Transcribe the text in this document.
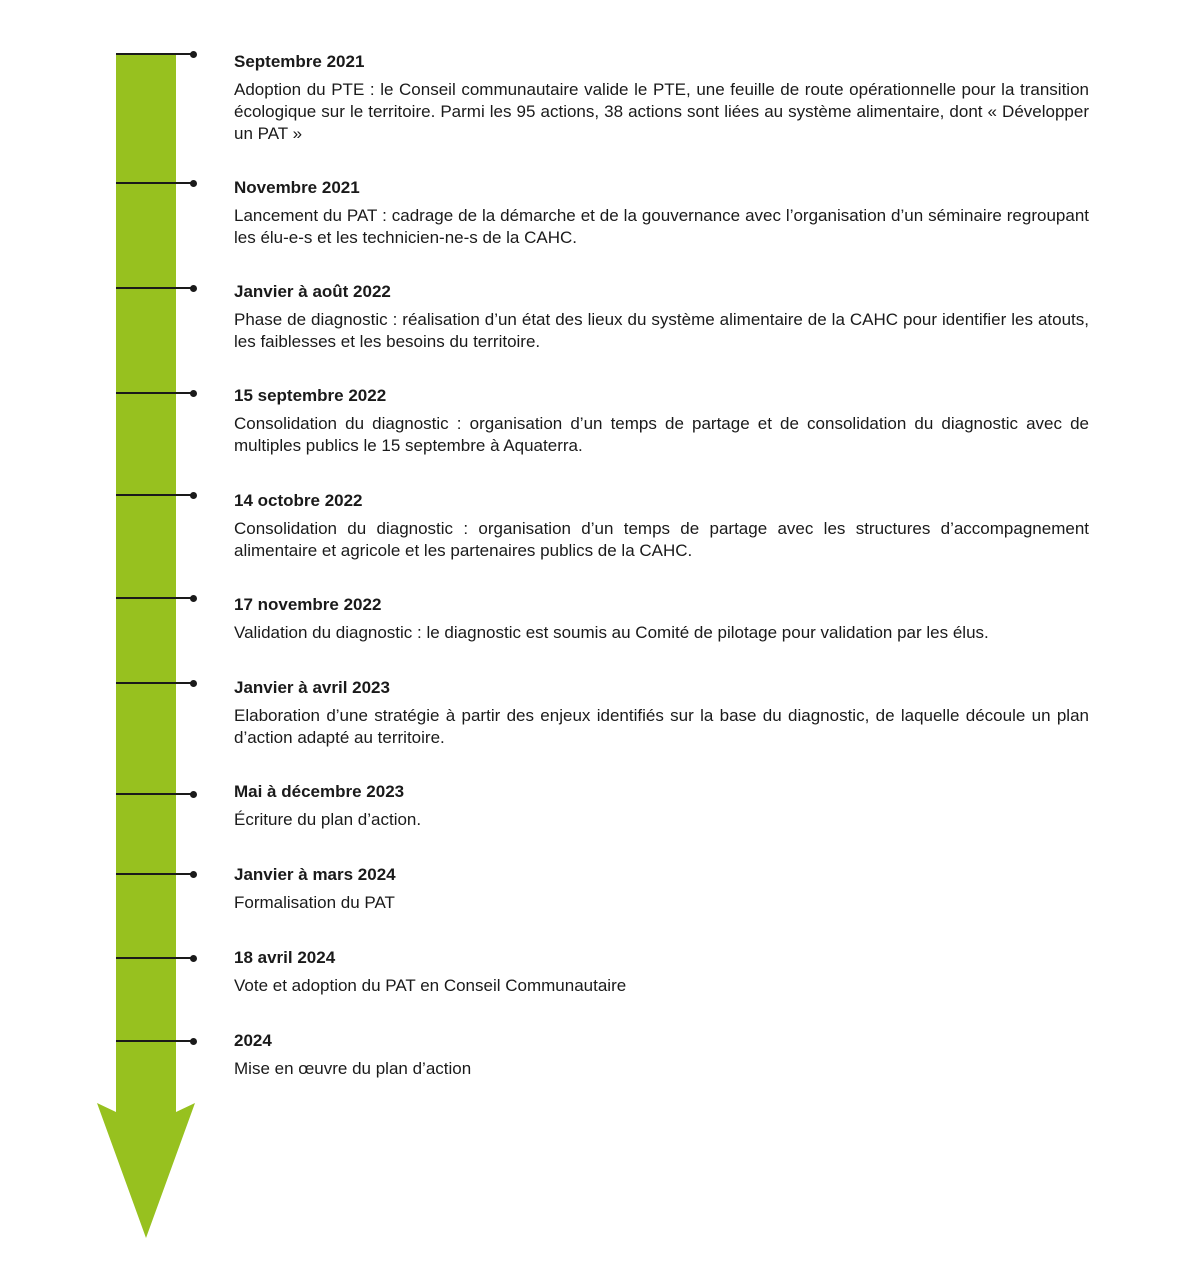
Septembre 2021

Adoption du PTE : le Conseil communautaire valide le PTE, une feuille de route opérationnelle pour la transition écologique sur le territoire. Parmi les 95 actions, 38 actions sont liées au système alimentaire, dont « Développer un PAT »

Novembre 2021

Lancement du PAT : cadrage de la démarche et de la gouvernance avec l’organisation d’un séminaire regroupant les élu-e-s et les technicien-ne-s de la CAHC.

Janvier à août 2022

Phase de diagnostic : réalisation d’un état des lieux du système alimentaire de la CAHC pour identifier les atouts, les faiblesses et les besoins du territoire.

15 septembre 2022

Consolidation du diagnostic : organisation d’un temps de partage et de consolidation du diagnostic avec de multiples publics le 15 septembre à Aquaterra.

14 octobre 2022

Consolidation du diagnostic : organisation d’un temps de partage avec les structures d’accompagnement alimentaire et agricole et les partenaires publics de la CAHC.

17 novembre 2022

Validation du diagnostic : le diagnostic est soumis au Comité de pilotage pour validation par les élus.

Janvier à avril 2023

Elaboration d’une stratégie à partir des enjeux identifiés sur la base du diagnostic, de laquelle découle un plan d’action adapté au territoire.

Mai à décembre 2023

Écriture du plan d’action.

Janvier à mars 2024

Formalisation du PAT

18 avril 2024

Vote et adoption du PAT en Conseil Communautaire

2024

Mise en œuvre du plan d’action
